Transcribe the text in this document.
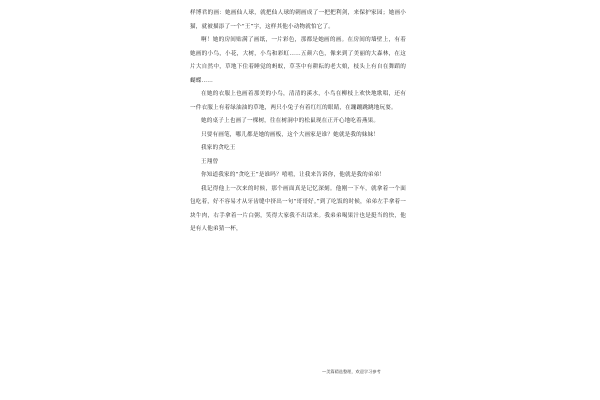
样博君的画：她画仙人球，就把仙人球的刺画成了一把把利剑，来保护家园；她画小猫，就被描添了一个“王”字，这样其他小动物就怕它了。

啊！她的房间贴满了画纸，一片彩色，那都是她画的画。在房间的墙壁上，有着她画的小鸟，小花，大树，小鸟和彩虹……五颜六色，像来到了美丽的大森林，在这片大自然中，草地下住着睡觉的蚂蚁，草茎中有耕耘的老大娘，枝头上有自在舞蹈的蝴蝶……

在她的衣服上也画着那美的小鸟，清清的溪水，小鸟在柳枝上欢快地歌唱，还有一件衣服上有着绿油油的草地，两只小兔子有着红红的眼睛，在蹦蹦跳跳地玩耍。

她的桌子上也画了一棵树，往在树洞中的松鼠现在正开心地吃着燕果。

只要有画笔，哪儿都是她的画板，这个大画家是谁？她就是我的妹妹！

我家的贪吃王

王翔曾

你知道我家的“贪吃王”是谁吗？嘻嘻，让我来告诉你，他就是我的弟弟！

我记得他上一次来的时候，那个画面真是记忆深刻。他刚一下车，就拿着一个面包吃着，好不容易才从牙齿缝中挤出一句“哥哥好。”到了吃饭的时候，弟弟左手拿着一块牛肉，右手拿着一片白粥，笑得大家我不出话来。我弟弟喝果汁也是挺当的快，他是有人他弟猜一杯，

—美篇精选整理，欢迎学习参考
